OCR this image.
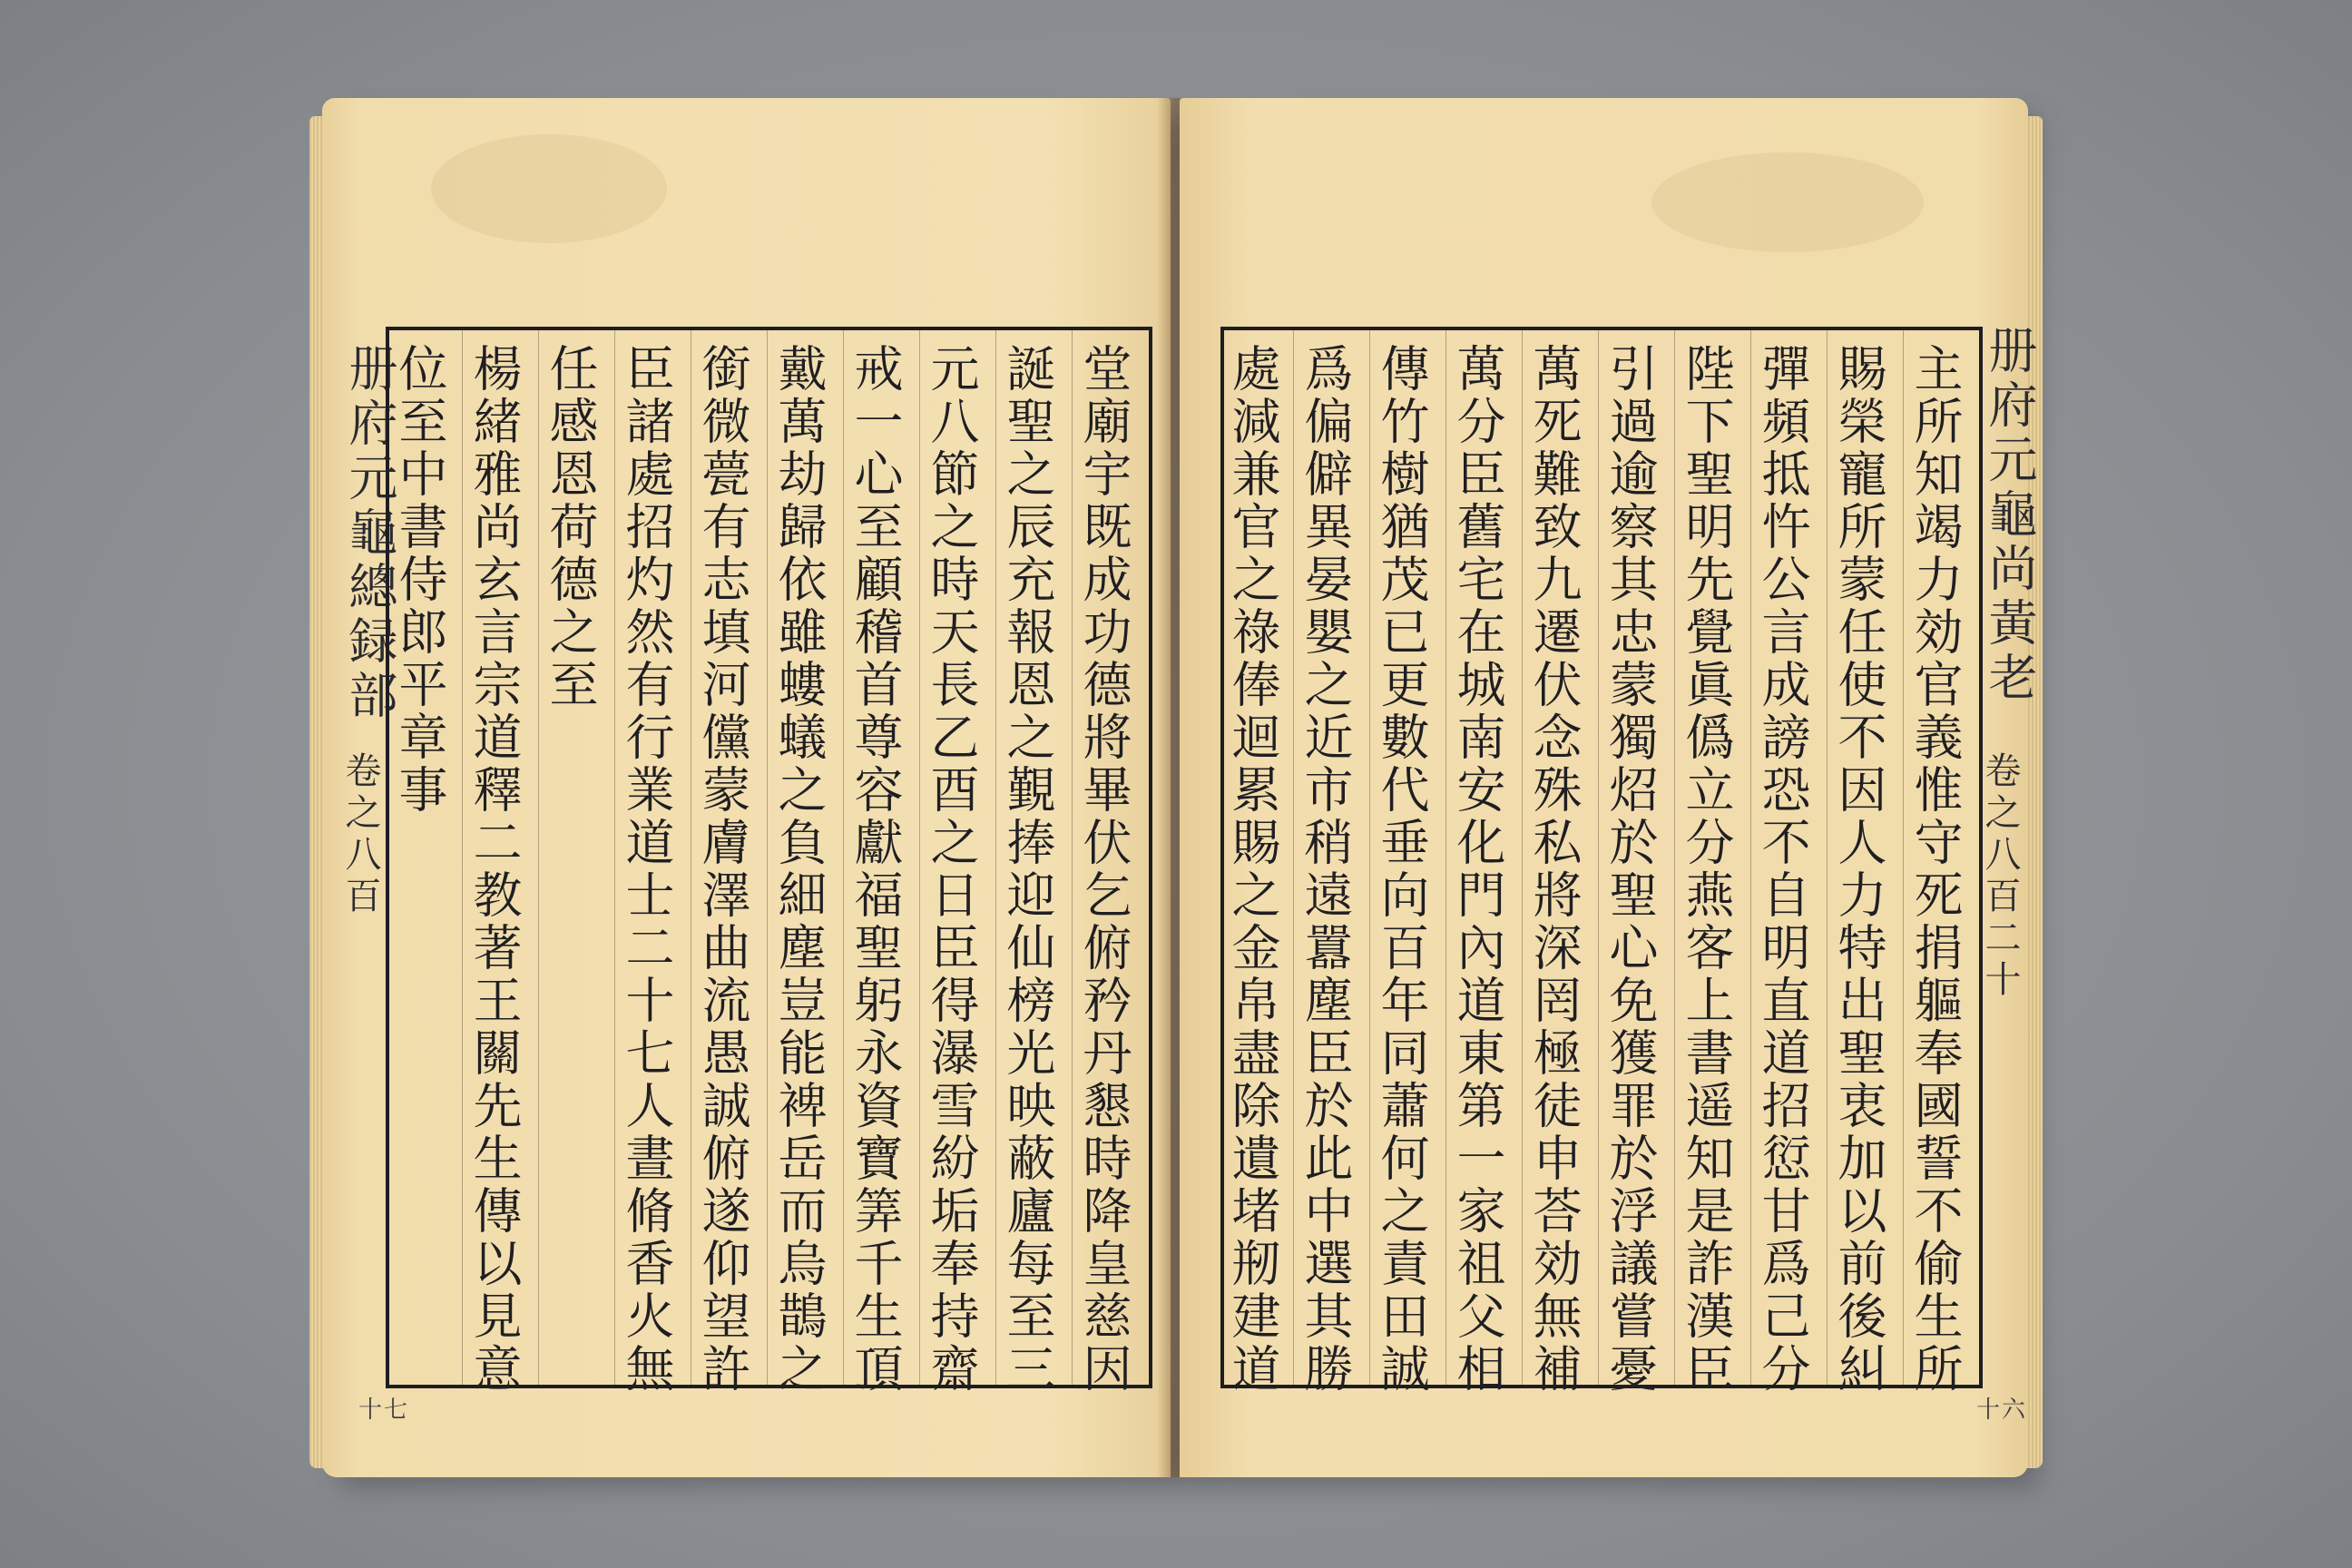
册府元龜總録部
卷之八百
十七
堂廟宇既成功德將畢伏乞俯矜丹懇時降皇慈因
誕聖之辰充報恩之覲捧迎仙榜光映蔽廬每至三
元八節之時天長乙酉之日臣得瀑雪紛垢奉持齋
戒一心至顧稽首尊容獻福聖躬永資寶筭千生頂
戴萬劫歸依雖螻蟻之負細塵豈能裨岳而烏鵲之
銜微甍有志填河儻蒙膚澤曲流愚誠俯遂仰望許
臣諸處招灼然有行業道士二十七人晝脩香火無
任感恩荷德之至
楊緒雅尚玄言宗道釋二教著王關先生傳以見意
位至中書侍郎平章事	册府元龜尚黃老
卷之八百二十
十六
主所知竭力効官義惟守死捐軀奉國誓不偷生所
賜榮寵所蒙任使不因人力特出聖衷加以前後糾
彈頻抵忤公言成謗恐不自明直道招愆甘爲己分
陛下聖明先覺眞僞立分燕客上書遥知是詐漢臣
引過逾察其忠蒙獨炤於聖心免獲罪於浮議嘗憂
萬死難致九遷伏念殊私將深罔極徒申荅効無補
萬分臣舊宅在城南安化門內道東第一家祖父相
傳竹樹猶茂已更數代垂向百年同蕭何之責田誠
爲偏僻異晏嬰之近市稍遠囂塵臣於此中選其勝
處減兼官之祿俸迴累賜之金帛盡除遺堵剏建道
